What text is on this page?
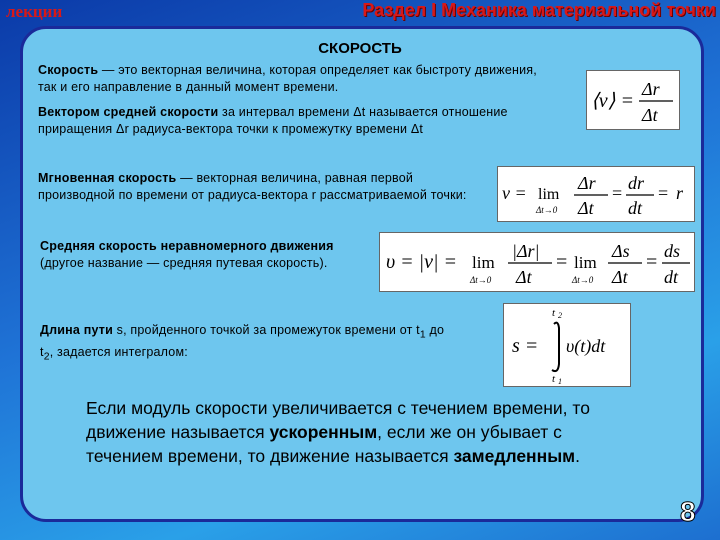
лекции	Раздел I Механика материальной точки
СКОРОСТЬ
Скорость — это векторная величина, которая определяет как быстроту движения, так и его направление в данный момент времени.
Вектором средней скорости за интервал времени Δt называется отношение приращения Δr радиуса-вектора точки к промежутку времени Δt
Мгновенная скорость — векторная величина, равная первой производной по времени от радиуса-вектора r рассматриваемой точки:
Средняя скорость неравномерного движения (другое название — средняя путевая скорость).
Длина пути s, пройденного точкой за промежуток времени от $t_1$ до $t_2$, задается интегралом:
⟨v⟩ =
Δr
Δt
v = lim
Δt→0
Δr
Δt
= dr
dt
= r
υ = |v| = lim
Δt→0
|Δr|
Δt
= lim
Δt→0
Δs
Δt
= ds
dt
t 2
s = υ(t)dt
t 1
Если модуль скорости увеличивается с течением времени, то движение называется ускоренным, если же он убывает с течением времени, то движение называется замедленным.
8
